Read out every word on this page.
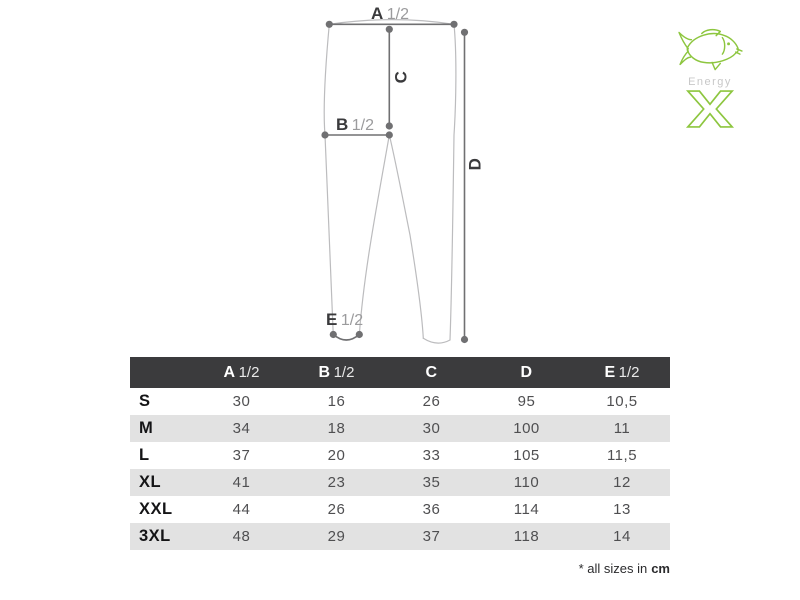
A 1/2
C
B 1/2
D
E 1/2
Energy
	A 1/2	B 1/2	C	D	E 1/2
S	30	16	26	95	10,5
M	34	18	30	100	11
L	37	20	33	105	11,5
XL	41	23	35	110	12
XXL	44	26	36	114	13
3XL	48	29	37	118	14
* all sizes in cm
